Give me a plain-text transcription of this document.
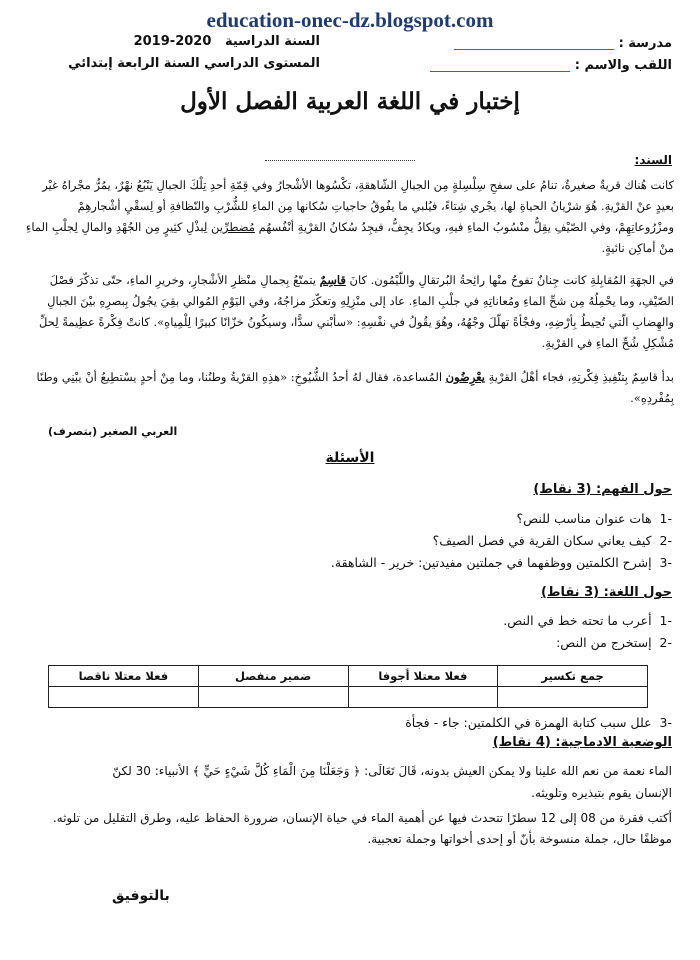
education-onec-dz.blogspot.com
مدرسة :
اللقب والاسم :
السنة الدراسية   2020-2019
المستوى الدراسي السنة الرابعة إبتدائي
إختبار في اللغة العربية الفصل الأول
السند:
كانت هُناك قريةٌ صغيرةٌ، تنامُ على سفحِ سِلْسِلةٍ مِن الجبالِ الشّاهقةِ، تكْسُوها الأشْجارُ وفي قِمّةِ أحدِ تِلْكَ الجبالِ يَنْبُعُ نهْرٌ، يمُرُّ مجْراهُ غيْر بعيدٍ عنْ القرْيةِ. هُوَ شرْيانُ الحياةِ لها، يجْري شِتاءً، فيُلبي ما يفُوقُ حاجياتِ سُكانها مِن الماءِ للشُّرْبِ والنّظافةِ أو لِسقْيِ أشْجارهِمْ ومزْرُوعاتِهِمْ، وفي الصّيْفِ يقِلُّ منْسُوبُ الماءِ فيهِ، ويكادُ يجِفُّ، فيجِدُ سُكانُ القرْيةِ أنْفُسهُم مُضطرِّين لِبذْلِ كثِيرٍ مِن الجُهْدِ والمالِ لِجلْبِ الماءِ منْ أماكِن نائيةٍ.
في الجهَةِ المُقابِلةِ كانت جِنانٌ تفوحُ منْها رائِحةُ البُرتقالِ واللّيْمُون. كانَ قاسِمٌ يتمتّعُ بِجمالِ منْظرِ الأشْجارِ، وخريرِ الماءِ، حتّى تذكّرَ فصْلَ الصّيْفِ، وما يحْمِلُهُ مِن شحِّ الماءِ ومُعاناتِهِ في جلْبِ الماءِ. عاد إلى منْزِلِهِ وتعكّرَ مزاجُهُ، وفي اليَوْمِ المُوالي بقِيَ يجُولُ بِبصرِهِ بيْنَ الجبالِ والهِضابِ الّتي تُحِيطُ بِأرْضِهِ، وفجْأةً تهلّلَ وجْهُهُ، وهُوَ يقُولُ في نفْسِهِ: «سأبْني سدًّا، وسيكُونُ خزّانًا كبيرًا لِلْمِياهِ». كانتْ فِكْرةً عظِيمةً لِحلِّ مُشْكِلِ شُحِّ الماءِ في القرْيةِ.
بدأ قاسِمٌ بِتنْفِيذِ فِكْرتِهِ، فجاء أهْلُ القرْيةِ يعْرِضُون المُساعدة، فقال لهُ أحدُ الشُّيُوخِ: «هذِهِ القرْيةُ وطنُنا، وما مِنْ أحدٍ يسْتطِيعُ أنْ يبْنِي وطنًا بِمُفْردِهِ».
العربي الصغير (بتصرف)
الأسئلة
حول الفهم: (3 نقاط)
-1  هات عنوان مناسب للنص؟
-2  كيف يعاني سكان القرية في فصل الصيف؟
-3  إشرح الكلمتين ووظفهما في جملتين مفيدتين: خرير - الشاهقة.
حول اللغة: (3 نقاط)
-1  أعرب ما تحته خط في النص.
-2  إستخرج من النص:
جمع تكسير	فعلا معتلا أجوفا	ضمير منفصل	فعلا معتلا ناقصا

-3  علل سبب كتابة الهمزة في الكلمتين: جاء - فجأة
الوضعية الادماجية: (4 نقاط)
الماء نعمة من نعم الله علينا ولا يمكن العيش بدونه، قَالَ تَعَالَى: ﴿ وَجَعَلْنَا مِنَ الْمَاءِ كُلَّ شَيْءٍ حَيٍّ ﴾ الأنبياء: 30 لكنّ
الإنسان يقوم بتبذيره وتلويثه.
أكتب فقرة من 08 إلى 12 سطرًا تتحدث فيها عن أهمية الماء في حياة الإنسان، ضرورة الحفاظ عليه، وطرق التقليل من تلوثه. موظفًا حال، جملة منسوخة بأنّ أو إحدى أخواتها وجملة تعجبية.
بالتوفيق
